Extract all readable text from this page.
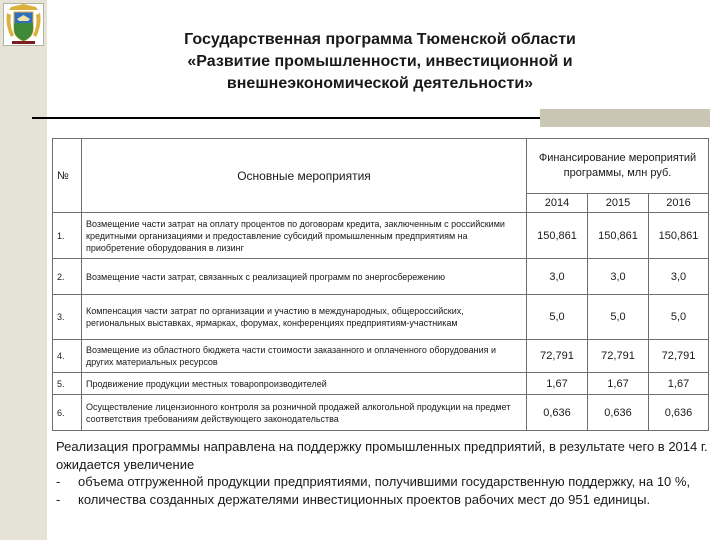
Государственная программа Тюменской области
«Развитие промышленности, инвестиционной и
внешнеэкономической деятельности»
№	Основные мероприятия	Финансирование мероприятий программы, млн руб.		
		2014	2015	2016
1.	Возмещение части затрат на оплату процентов по договорам кредита, заключенным с российскими кредитными организациями и предоставление субсидий промышленным предприятиям на приобретение оборудования в лизинг	150,861	150,861	150,861
2.	Возмещение части затрат, связанных с реализацией программ по энергосбережению	3,0	3,0	3,0
3.	Компенсация части затрат по организации и участию в международных, общероссийских, региональных выставках, ярмарках, форумах, конференциях предприятиям-участникам	5,0	5,0	5,0
4.	Возмещение из областного бюджета части стоимости заказанного и оплаченного оборудования и других материальных ресурсов	72,791	72,791	72,791
5.	Продвижение продукции местных товаропроизводителей	1,67	1,67	1,67
6.	Осуществление лицензионного контроля за розничной продажей алкогольной продукции на предмет соответствия требованиям действующего законодательства	0,636	0,636	0,636

Реализация программы направлена на поддержку промышленных предприятий, в результате чего в 2014 г. ожидается увеличение

-	объема отгруженной продукции предприятиями, получившими государственную поддержку, на 10 %,
-	количества созданных держателями инвестиционных проектов рабочих мест до 951 единицы.
